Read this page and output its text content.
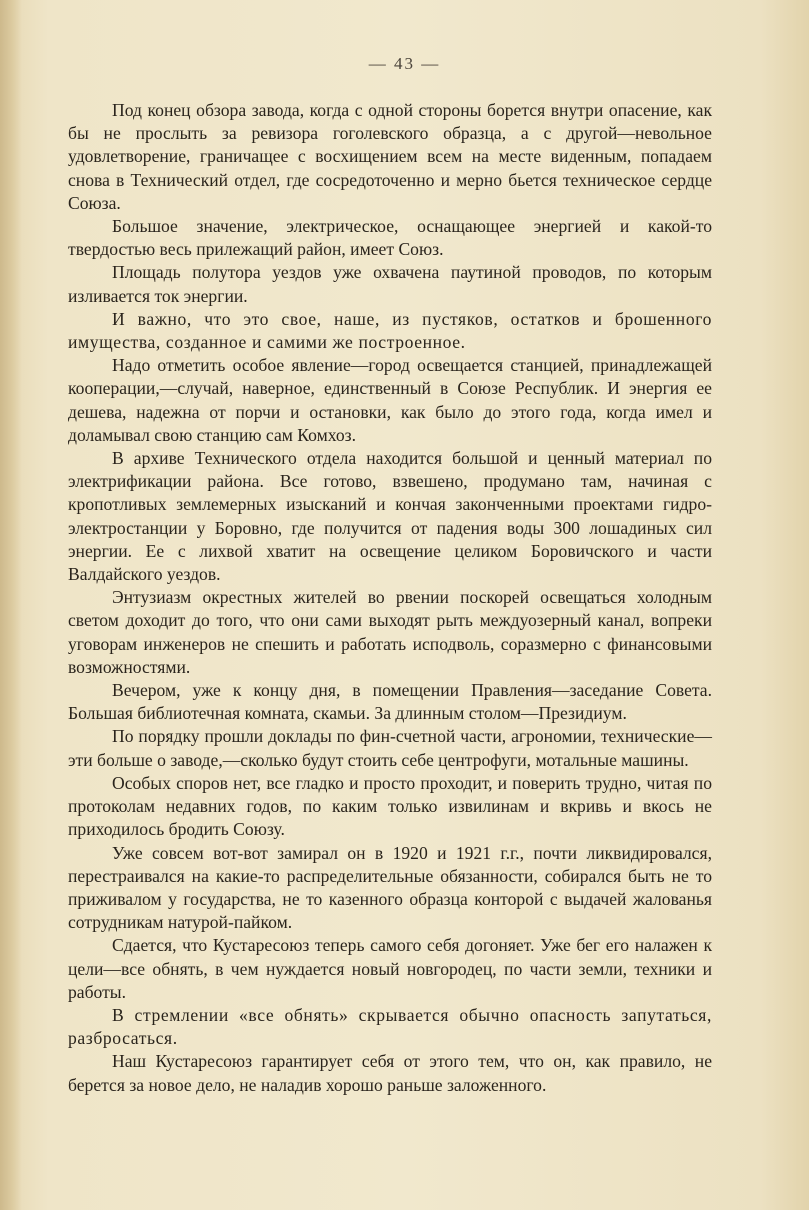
— 43 —

Под конец обзора завода, когда с одной стороны борется внутри опасение, как бы не прослыть за ревизора гоголевского образца, а с другой—невольное удовлетворение, граничащее с восхищением всем на месте виденным, попадаем снова в Технический отдел, где сосредоточенно и мерно бьется техническое сердце Союза.

Большое значение, электрическое, оснащающее энергией и какой-то твердостью весь прилежащий район, имеет Союз.

Площадь полутора уездов уже охвачена паутиной проводов, по которым изливается ток энергии.

И важно, что это свое, наше, из пустяков, остатков и брошенного имущества, созданное и самими же построенное.

Надо отметить особое явление—город освещается станцией, принадлежащей кооперации,—случай, наверное, единственный в Союзе Республик. И энергия ее дешева, надежна от порчи и остановки, как было до этого года, когда имел и доламывал свою станцию сам Комхоз.

В архиве Технического отдела находится большой и ценный материал по электрификации района. Все готово, взвешено, продумано там, начиная с кропотливых землемерных изысканий и кончая законченными проектами гидро-электростанции у Боровно, где получится от падения воды 300 лошадиных сил энергии. Ее с лихвой хватит на освещение целиком Боровичского и части Валдайского уездов.

Энтузиазм окрестных жителей во рвении поскорей освещаться холодным светом доходит до того, что они сами выходят рыть междуозерный канал, вопреки уговорам инженеров не спешить и работать исподволь, соразмерно с финансовыми возможностями.

Вечером, уже к концу дня, в помещении Правления—заседание Совета. Большая библиотечная комната, скамьи. За длинным столом—Президиум.

По порядку прошли доклады по фин-счетной части, агрономии, технические—эти больше о заводе,—сколько будут стоить себе центрофуги, мотальные машины.

Особых споров нет, все гладко и просто проходит, и поверить трудно, читая по протоколам недавних годов, по каким только извилинам и вкривь и вкось не приходилось бродить Союзу.

Уже совсем вот-вот замирал он в 1920 и 1921 г.г., почти ликвидировался, перестраивался на какие-то распределительные обязанности, собирался быть не то приживалом у государства, не то казенного образца конторой с выдачей жалованья сотрудникам натурой-пайком.

Сдается, что Кустаресоюз теперь самого себя догоняет. Уже бег его налажен к цели—все обнять, в чем нуждается новый новгородец, по части земли, техники и работы.

В стремлении «все обнять» скрывается обычно опасность запутаться, разбросаться.

Наш Кустаресоюз гарантирует себя от этого тем, что он, как правило, не берется за новое дело, не наладив хорошо раньше заложенного.
